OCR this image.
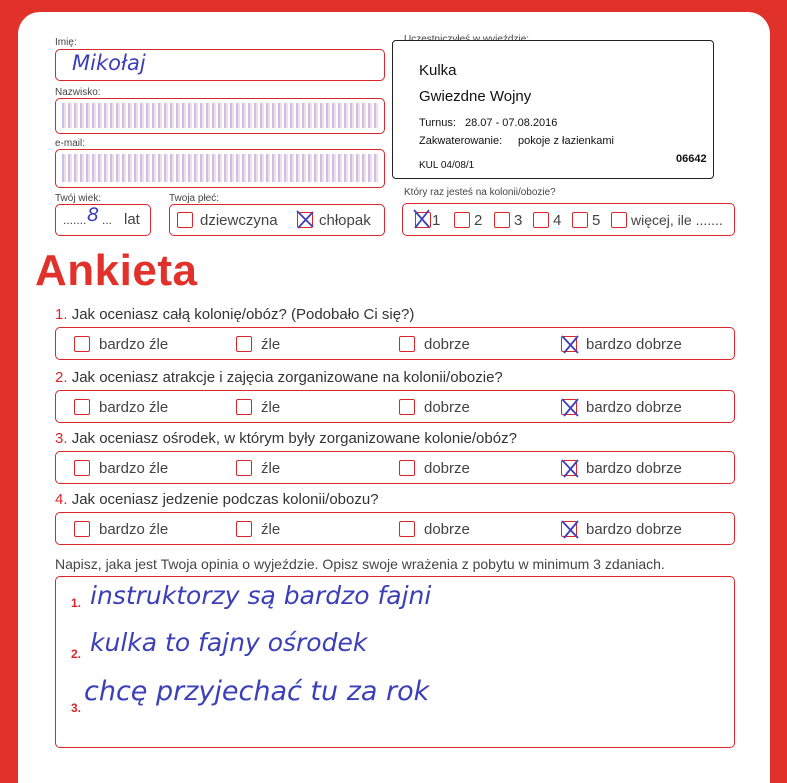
Imię:
Mikołaj
Nazwisko:
e-mail:
Twój wiek:
....... 8 ... lat
Twoja płeć:
dziewczyna	chłopak
Kulka
Gwiezdne Wojny
Turnus: 28.07 - 07.08.2016
Zakwaterowanie: pokoje z łazienkami
KUL 04/08/1
06642
Który raz jesteś na kolonii/obozie?
1 2 3 4 5 więcej, ile .......
Ankieta
1. Jak oceniasz całą kolonię/obóz? (Podobało Ci się?)
bardzo źle	źle	dobrze	bardzo dobrze
2. Jak oceniasz atrakcje i zajęcia zorganizowane na kolonii/obozie?
bardzo źle	źle	dobrze	bardzo dobrze
3. Jak oceniasz ośrodek, w którym były zorganizowane kolonie/obóz?
bardzo źle	źle	dobrze	bardzo dobrze
4. Jak oceniasz jedzenie podczas kolonii/obozu?
bardzo źle	źle	dobrze	bardzo dobrze
Napisz, jaka jest Twoja opinia o wyjeździe. Opisz swoje wrażenia z pobytu w minimum 3 zdaniach.
1. instruktorzy są bardzo fajni
2. kulka to fajny ośrodek
3.
chcę przyjechać tu za rok
